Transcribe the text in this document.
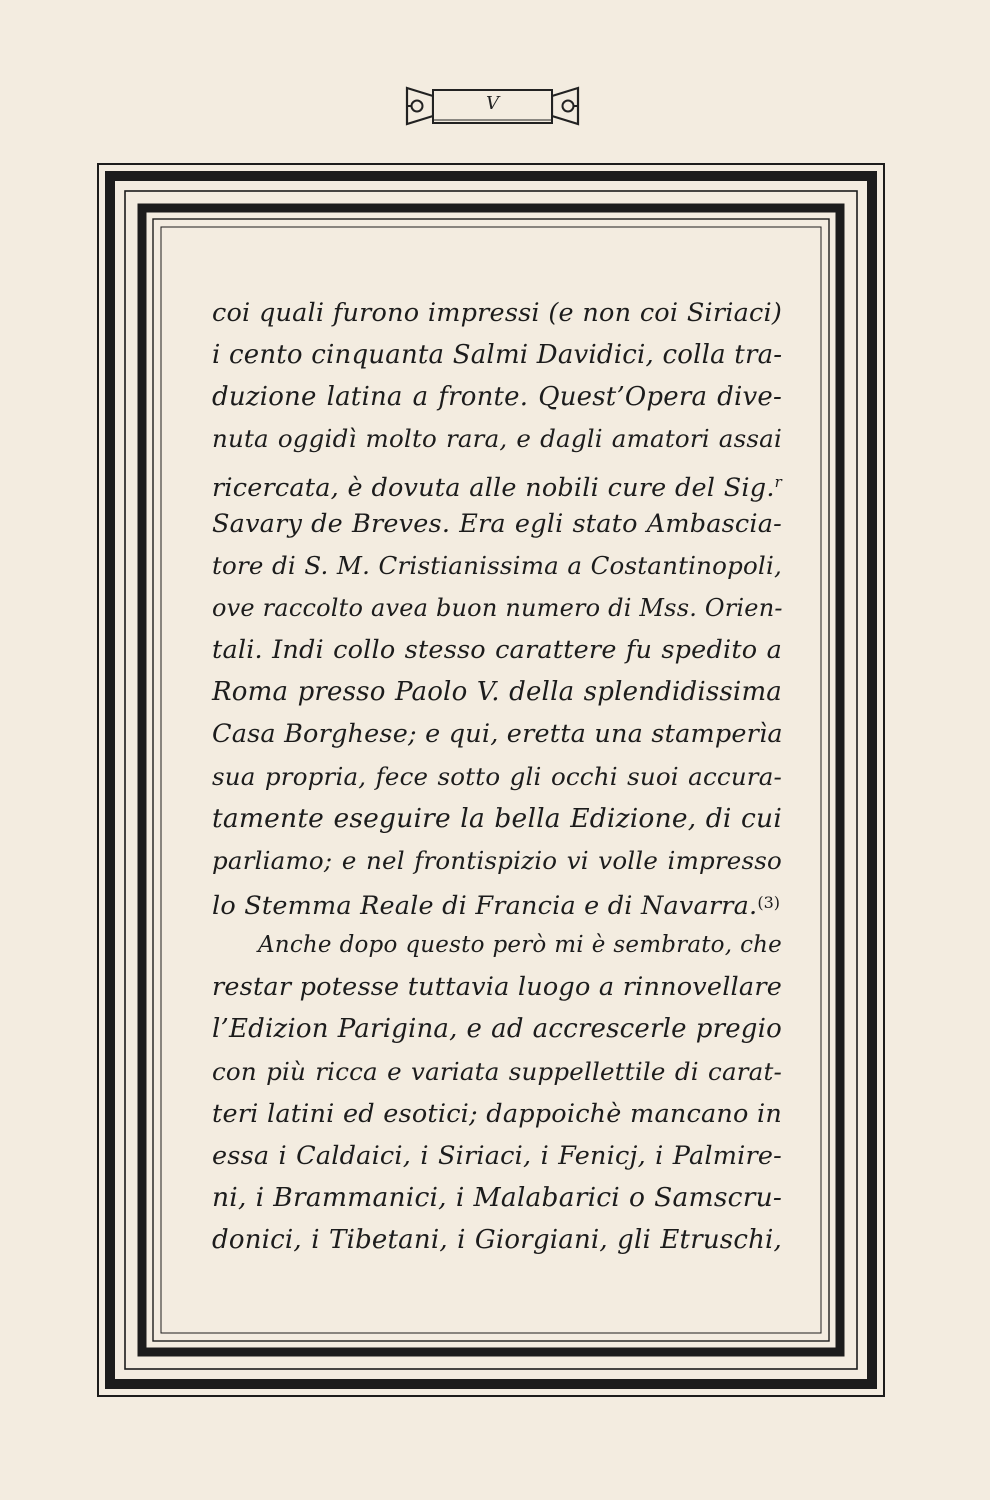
V
coi quali furono impressi (e non coi Siriaci)
i cento cinquanta Salmi Davidici, colla tra-
duzione latina a fronte. Quest’Opera dive-
nuta oggidì molto rara, e dagli amatori assai
ricercata, è dovuta alle nobili cure del Sig.$^r$
Savary de Breves. Era egli stato Ambascia-
tore di S. M. Cristianissima a Costantinopoli,
ove raccolto avea buon numero di Mss. Orien-
tali. Indi collo stesso carattere fu spedito a
Roma presso Paolo V. della splendidissima
Casa Borghese; e qui, eretta una stamperìa
sua propria, fece sotto gli occhi suoi accura-
tamente eseguire la bella Edizione, di cui
parliamo; e nel frontispizio vi volle impresso
lo Stemma Reale di Francia e di Navarra.$^{(3)}$
Anche dopo questo però mi è sembrato, che
restar potesse tuttavia luogo a rinnovellare
l’Edizion Parigina, e ad accrescerle pregio
con più ricca e variata suppellettile di carat-
teri latini ed esotici; dappoichè mancano in
essa i Caldaici, i Siriaci, i Fenicj, i Palmire-
ni, i Brammanici, i Malabarici o Samscru-
donici, i Tibetani, i Giorgiani, gli Etruschi,
